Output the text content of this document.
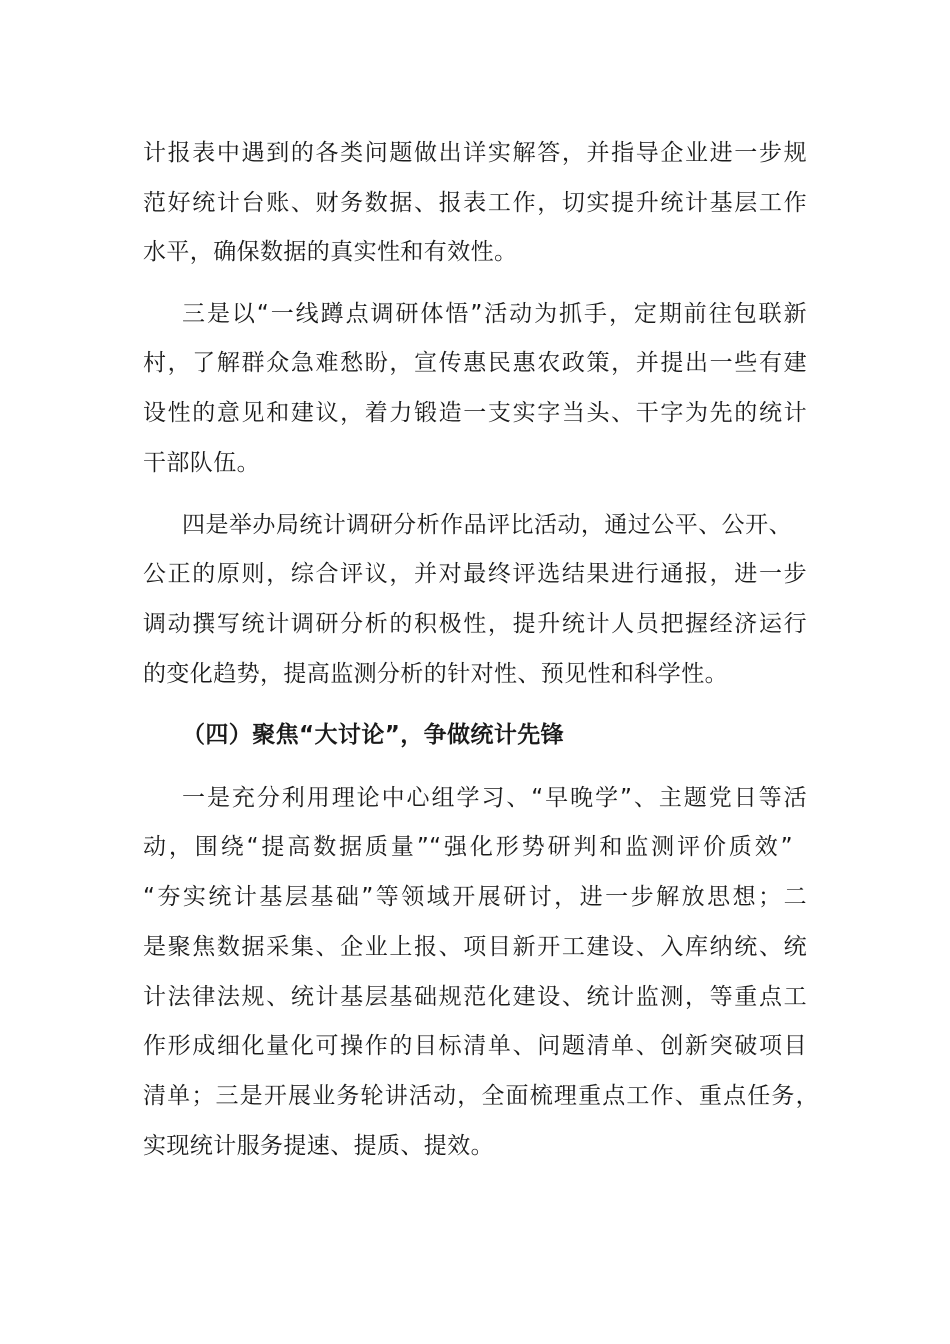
计报表中遇到的各类问题做出详实解答，并指导企业进一步规
范好统计台账、财务数据、报表工作，切实提升统计基层工作
水平，确保数据的真实性和有效性。
三是以“一线蹲点调研体悟”活动为抓手，定期前往包联新
村，了解群众急难愁盼，宣传惠民惠农政策，并提出一些有建
设性的意见和建议，着力锻造一支实字当头、干字为先的统计
干部队伍。
四是举办局统计调研分析作品评比活动，通过公平、公开、
公正的原则，综合评议，并对最终评选结果进行通报，进一步
调动撰写统计调研分析的积极性，提升统计人员把握经济运行
的变化趋势，提高监测分析的针对性、预见性和科学性。
（四）聚焦“大讨论”，争做统计先锋
一是充分利用理论中心组学习、“早晚学”、主题党日等活
动，围绕“提高数据质量”“强化形势研判和监测评价质效”
“夯实统计基层基础”等领域开展研讨，进一步解放思想；二
是聚焦数据采集、企业上报、项目新开工建设、入库纳统、统
计法律法规、统计基层基础规范化建设、统计监测，等重点工
作形成细化量化可操作的目标清单、问题清单、创新突破项目
清单；三是开展业务轮讲活动，全面梳理重点工作、重点任务，
实现统计服务提速、提质、提效。
